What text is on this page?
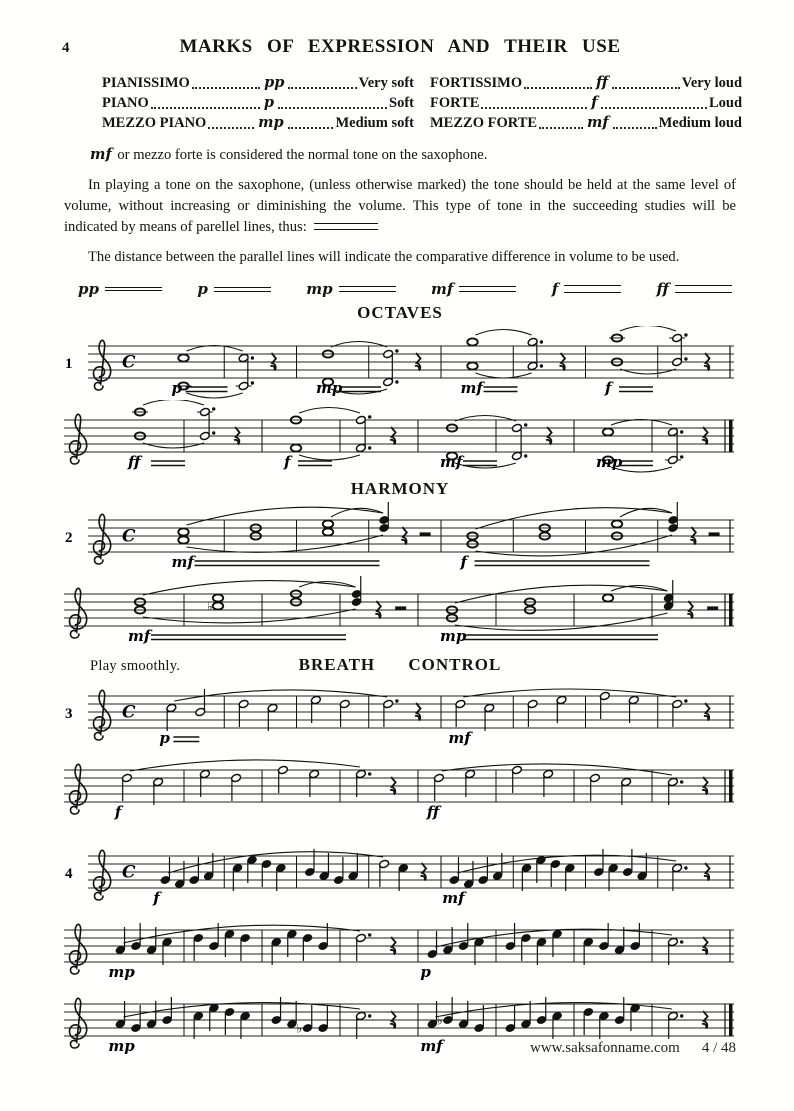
4	MARKS OF EXPRESSION AND THEIR USE
PIANISSIMO	pp	Very soft
PIANO	p	Soft
MEZZO PIANO	mp	Medium soft
FORTISSIMO	ff	Very loud
FORTE	f	Loud
MEZZO FORTE	mf	Medium loud

mf or mezzo forte is considered the normal tone on the saxophone.

In playing a tone on the saxophone, (unless otherwise marked) the tone should be held at the same level of volume, without increasing or diminishing the volume. This type of tone in the succeeding studies will be indicated by means of parellel lines, thus:

The distance between the parallel lines will indicate the comparative difference in volume to be used.

pp	p	mp	mf	f	ff
OCTAVES
1	C
p	mp	mf	f
ff	f	mf	mp
HARMONY
2	C
mf	f
♭
mf	mp
Play smoothly.	BREATH CONTROL
3	C
p	mf
f	ff
4	C
f	mf
mp	p
♭
♭
mp	mf	www.saksafonname.com 4 / 48
